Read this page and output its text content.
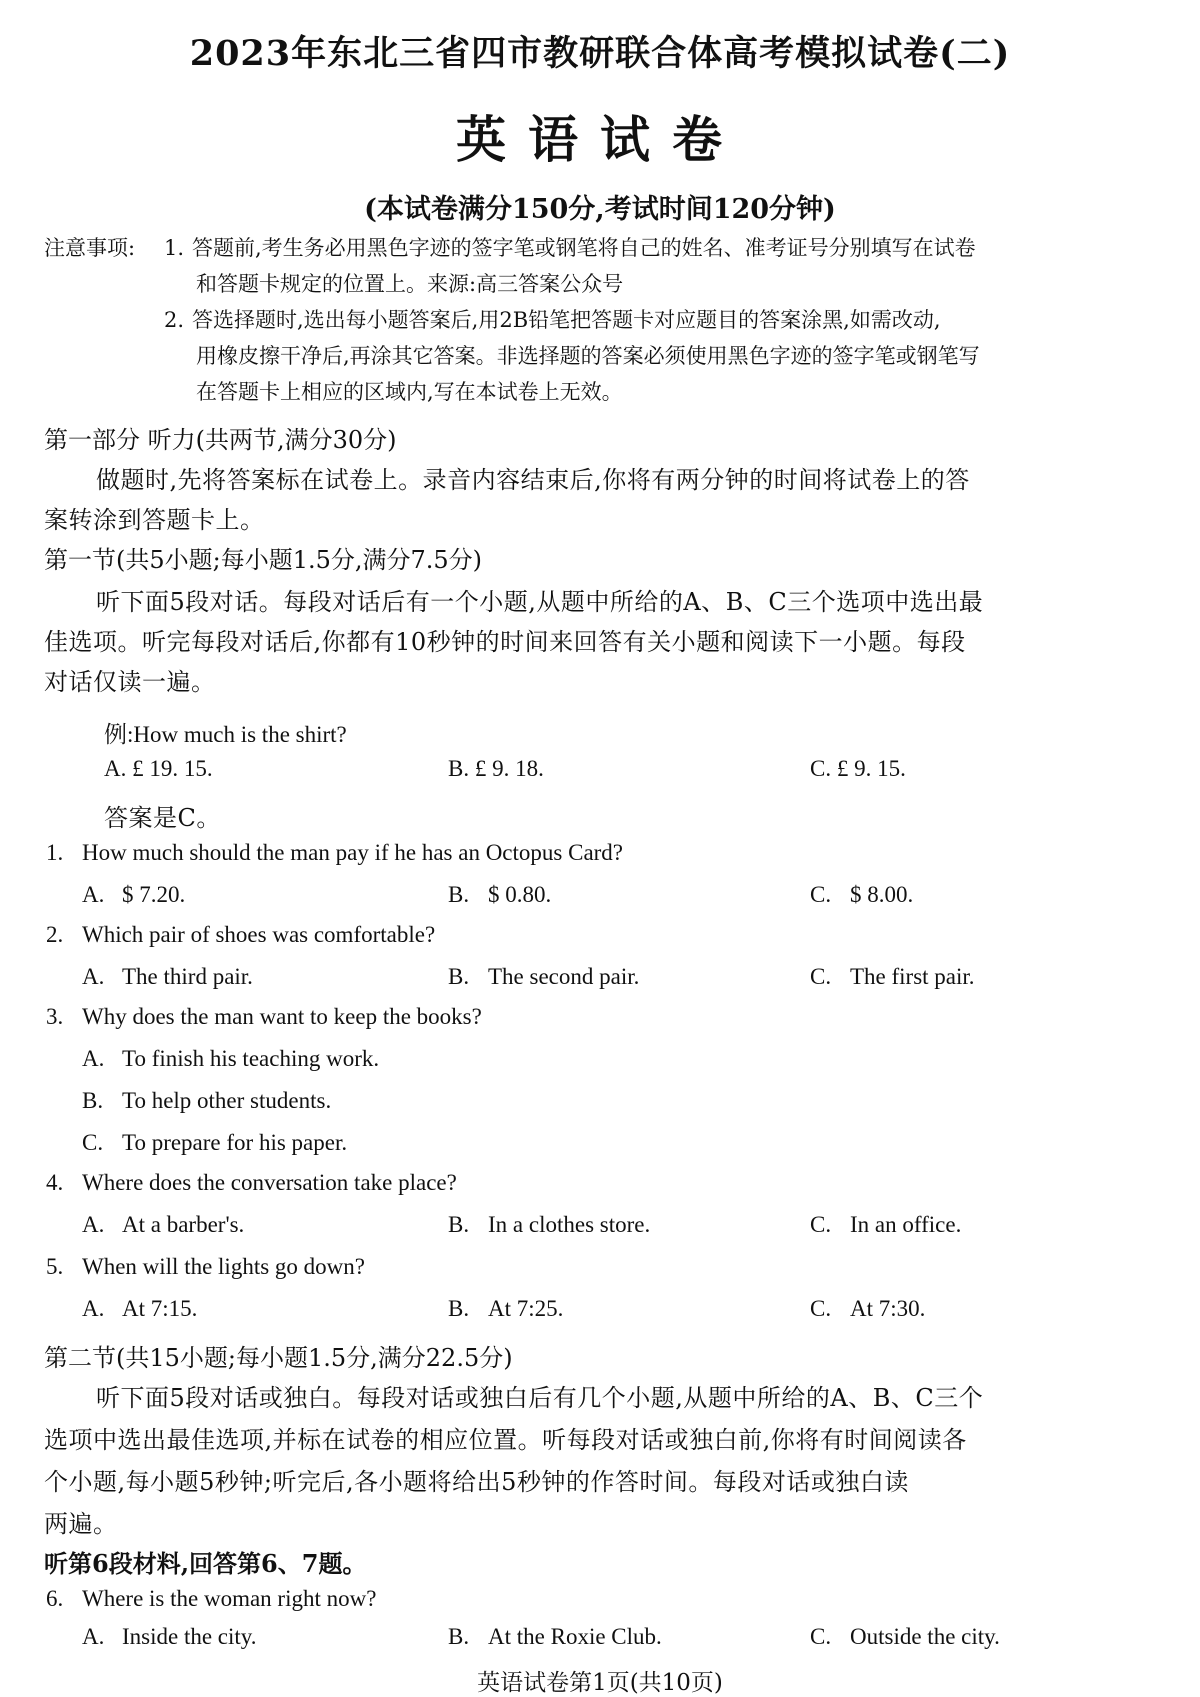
2023年东北三省四市教研联合体高考模拟试卷(二)
英语试卷
(本试卷满分150分,考试时间120分钟)
注意事项: 1. 答题前,考生务必用黑色字迹的签字笔或钢笔将自己的姓名、准考证号分别填写在试卷
和答题卡规定的位置上。来源:高三答案公众号
2. 答选择题时,选出每小题答案后,用2B铅笔把答题卡对应题目的答案涂黑,如需改动,
用橡皮擦干净后,再涂其它答案。非选择题的答案必须使用黑色字迹的签字笔或钢笔写
在答题卡上相应的区域内,写在本试卷上无效。
第一部分 听力(共两节,满分30分)
做题时,先将答案标在试卷上。录音内容结束后,你将有两分钟的时间将试卷上的答
案转涂到答题卡上。
第一节(共5小题;每小题1.5分,满分7.5分)
听下面5段对话。每段对话后有一个小题,从题中所给的A、B、C三个选项中选出最
佳选项。听完每段对话后,你都有10秒钟的时间来回答有关小题和阅读下一小题。每段
对话仅读一遍。
例:How much is the shirt?
A. £ 19. 15.	B. £ 9. 18.	C. £ 9. 15.
答案是C。
1. How much should the man pay if he has an Octopus Card?
A. $ 7.20.	B. $ 0.80.	C. $ 8.00.
2. Which pair of shoes was comfortable?
A. The third pair.	B. The second pair.	C. The first pair.
3. Why does the man want to keep the books?
A. To finish his teaching work.
B. To help other students.
C. To prepare for his paper.
4. Where does the conversation take place?
A. At a barber's.	B. In a clothes store.	C. In an office.
5. When will the lights go down?
A. At 7:15.	B. At 7:25.	C. At 7:30.
第二节(共15小题;每小题1.5分,满分22.5分)
听下面5段对话或独白。每段对话或独白后有几个小题,从题中所给的A、B、C三个
选项中选出最佳选项,并标在试卷的相应位置。听每段对话或独白前,你将有时间阅读各
个小题,每小题5秒钟;听完后,各小题将给出5秒钟的作答时间。每段对话或独白读
两遍。
听第6段材料,回答第6、7题。
6. Where is the woman right now?
A. Inside the city.	B. At the Roxie Club.	C. Outside the city.
英语试卷第1页(共10页)
